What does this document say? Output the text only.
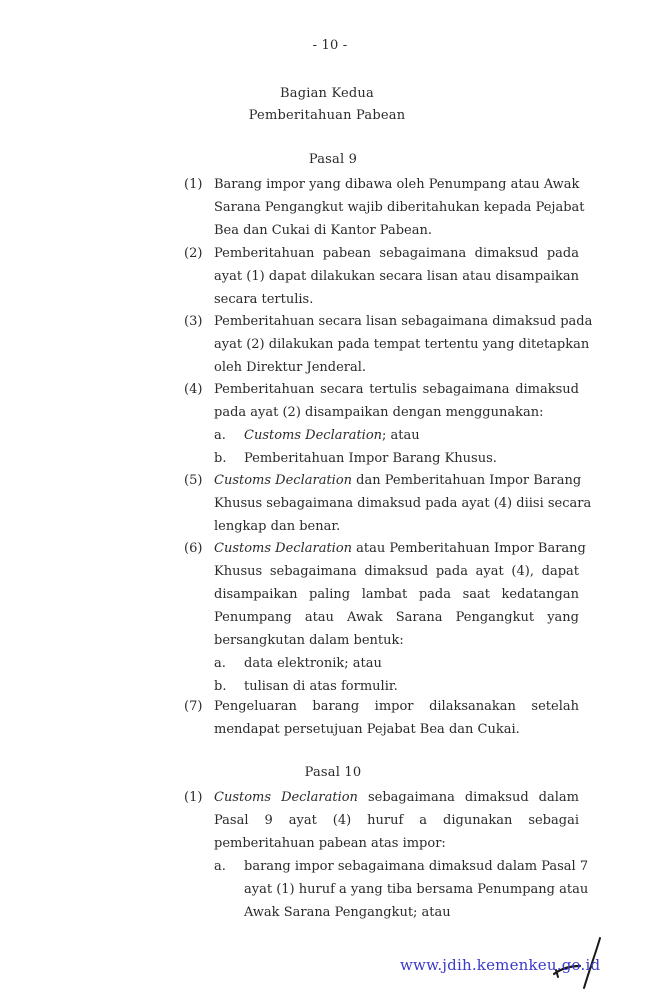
- 10 -
Bagian Kedua
Pemberitahuan Pabean
Pasal 9
(1) Barang impor yang dibawa oleh Penumpang atau Awak
Sarana Pengangkut wajib diberitahukan kepada Pejabat
Bea dan Cukai di Kantor Pabean.
(2) Pemberitahuan pabean sebagaimana dimaksud pada
ayat (1) dapat dilakukan secara lisan atau disampaikan
secara tertulis.
(3) Pemberitahuan secara lisan sebagaimana dimaksud pada
ayat (2) dilakukan pada tempat tertentu yang ditetapkan
oleh Direktur Jenderal.
(4) Pemberitahuan secara tertulis sebagaimana dimaksud
pada ayat (2) disampaikan dengan menggunakan:
a. Customs Declaration; atau
b. Pemberitahuan Impor Barang Khusus.
(5) Customs Declaration dan Pemberitahuan Impor Barang
Khusus sebagaimana dimaksud pada ayat (4) diisi secara
lengkap dan benar.
(6) Customs Declaration atau Pemberitahuan Impor Barang
Khusus sebagaimana dimaksud pada ayat (4), dapat
disampaikan paling lambat pada saat kedatangan
Penumpang atau Awak Sarana Pengangkut yang
bersangkutan dalam bentuk:
a. data elektronik; atau
b. tulisan di atas formulir.
(7) Pengeluaran barang impor dilaksanakan setelah
mendapat persetujuan Pejabat Bea dan Cukai.
Pasal 10
(1) Customs Declaration sebagaimana dimaksud dalam
Pasal 9 ayat (4) huruf a digunakan sebagai
pemberitahuan pabean atas impor:
a. barang impor sebagaimana dimaksud dalam Pasal 7
ayat (1) huruf a yang tiba bersama Penumpang atau
Awak Sarana Pengangkut; atau
www.jdih.kemenkeu.go.id
